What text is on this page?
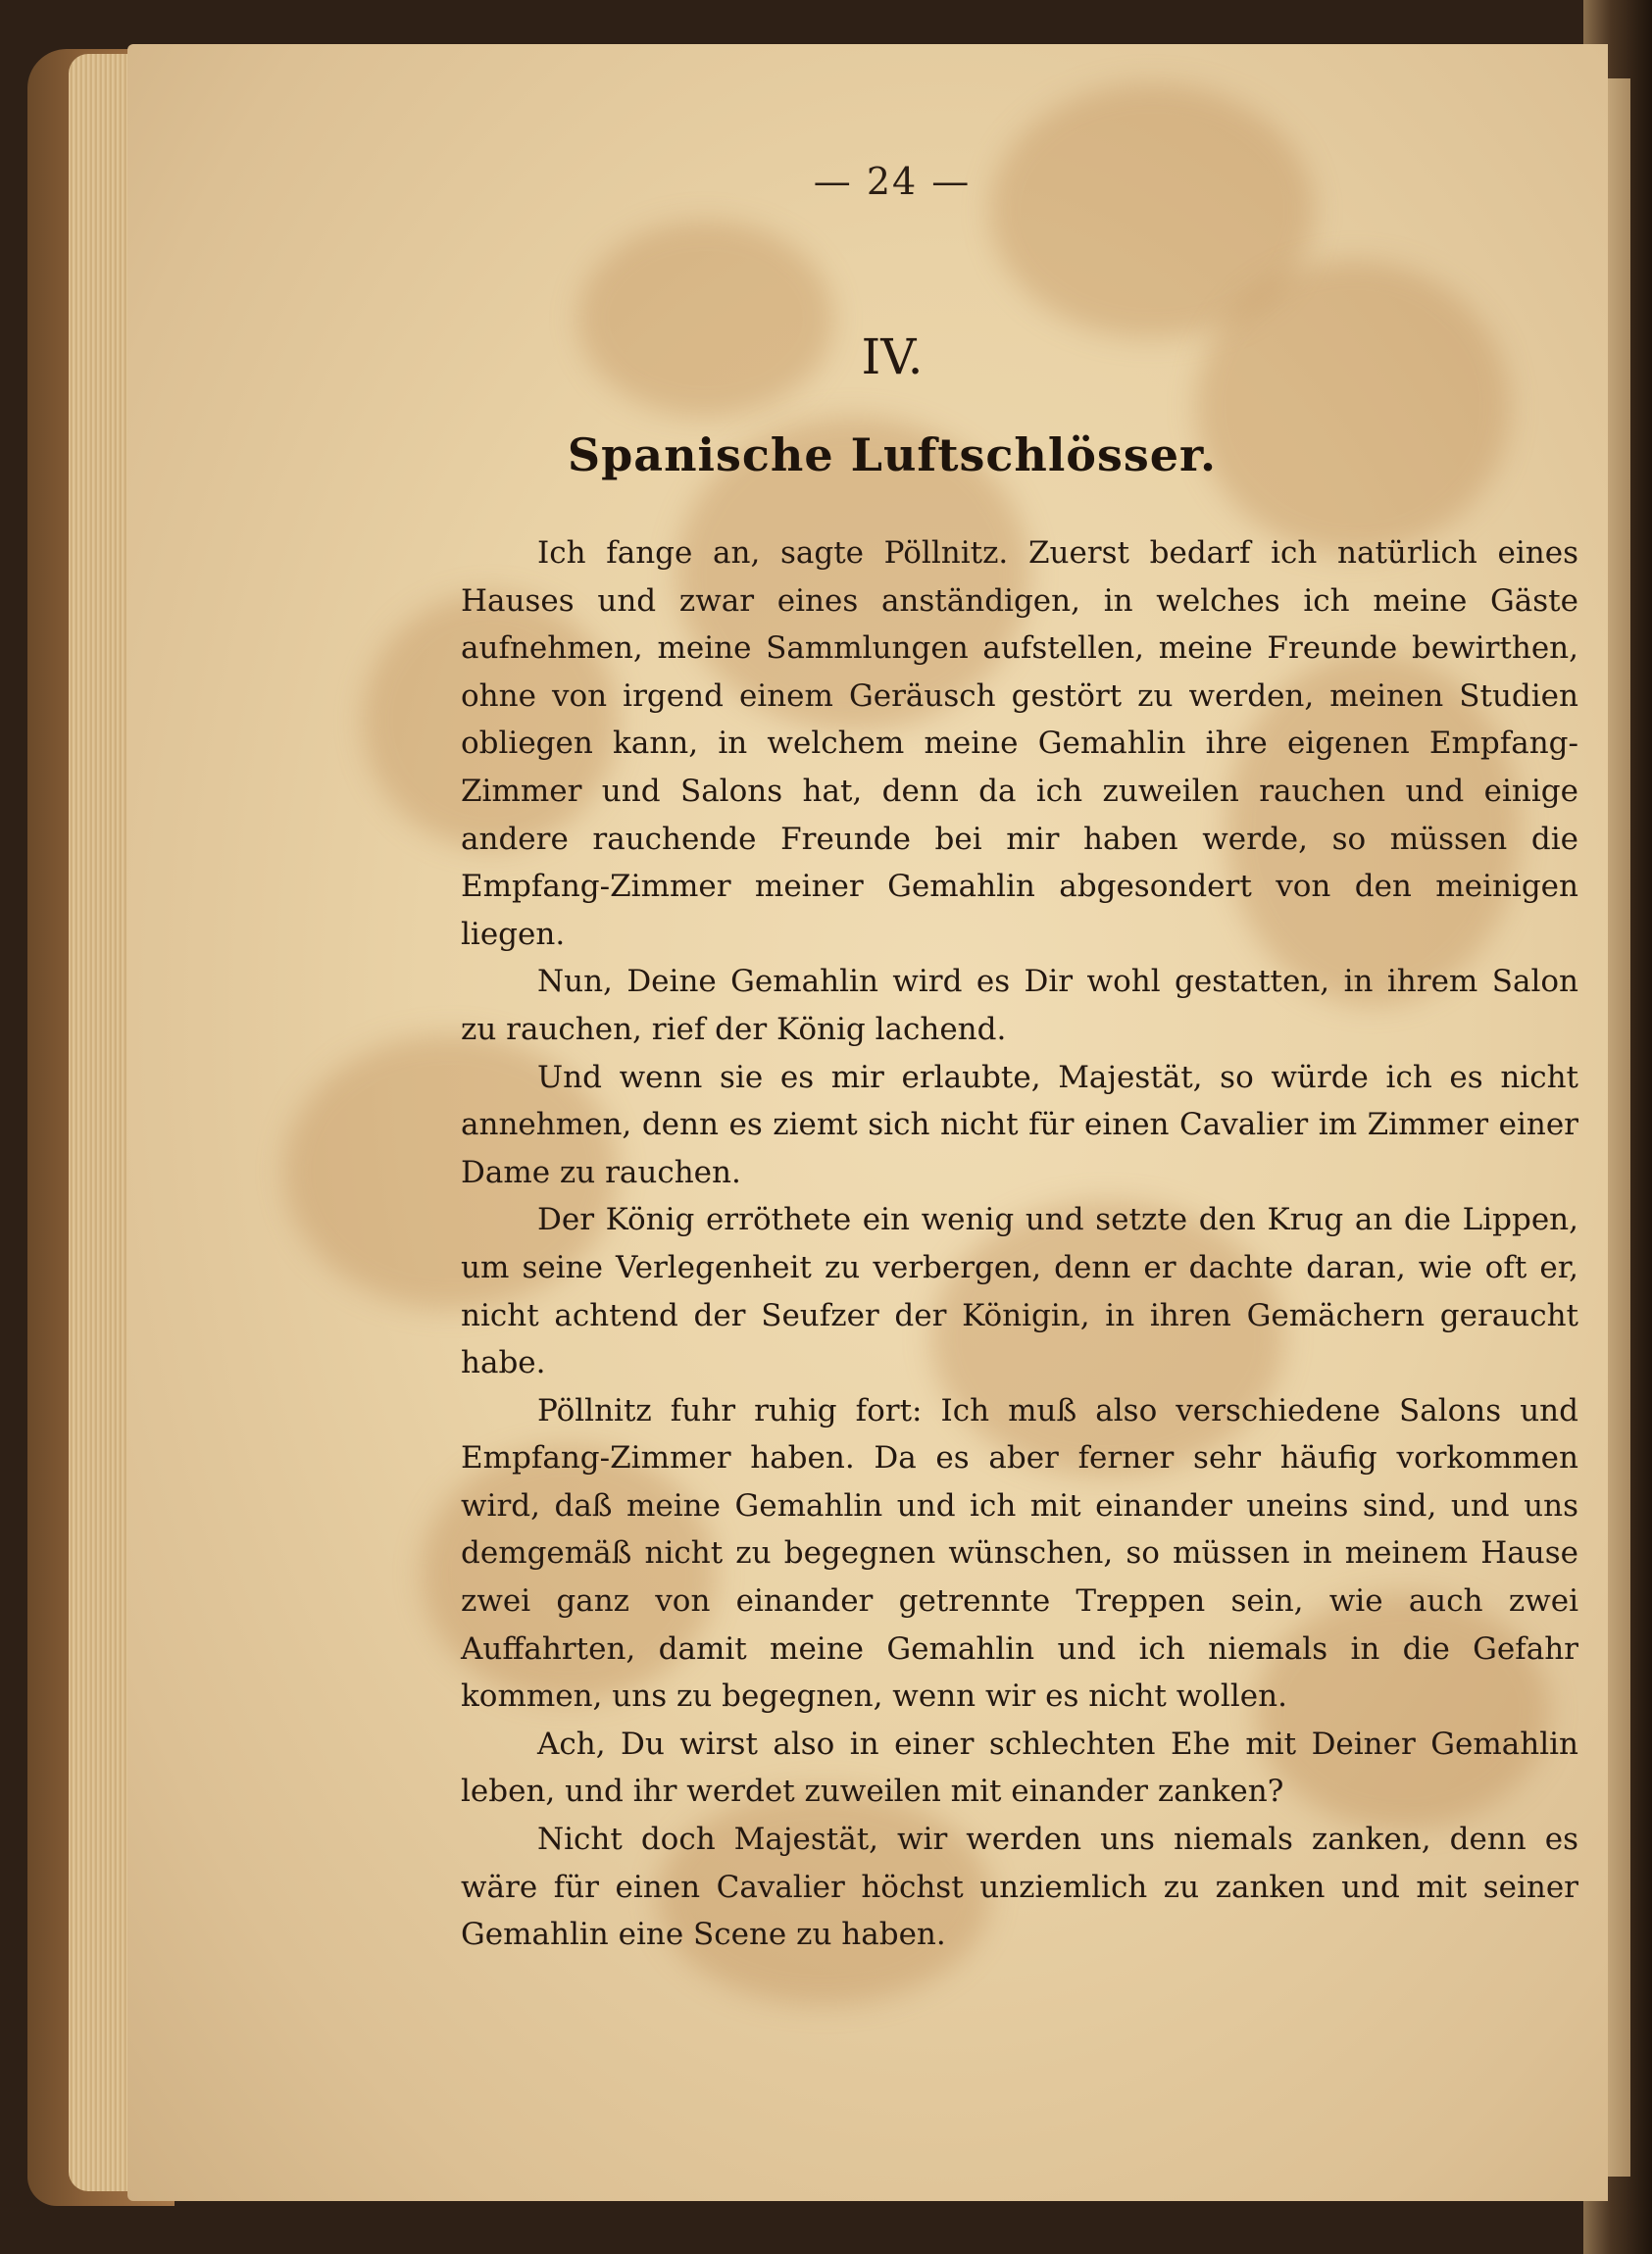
— 24 —
IV.
Spanische Luftschlösser.

Ich fange an, sagte Pöllnitz. Zuerst bedarf ich natürlich eines Hauses und zwar eines anständigen, in welches ich meine Gäste aufnehmen, meine Sammlungen aufstellen, meine Freunde bewirthen, ohne von irgend einem Geräusch gestört zu werden, meinen Studien obliegen kann, in welchem meine Gemahlin ihre eigenen Empfang-Zimmer und Salons hat, denn da ich zuweilen rauchen und einige andere rauchende Freunde bei mir haben werde, so müssen die Empfang-Zimmer meiner Gemahlin abgesondert von den meinigen liegen.

Nun, Deine Gemahlin wird es Dir wohl gestatten, in ihrem Salon zu rauchen, rief der König lachend.

Und wenn sie es mir erlaubte, Majestät, so würde ich es nicht annehmen, denn es ziemt sich nicht für einen Cavalier im Zimmer einer Dame zu rauchen.

Der König erröthete ein wenig und setzte den Krug an die Lippen, um seine Verlegenheit zu verbergen, denn er dachte daran, wie oft er, nicht achtend der Seufzer der Königin, in ihren Gemächern geraucht habe.

Pöllnitz fuhr ruhig fort: Ich muß also verschiedene Salons und Empfang-Zimmer haben. Da es aber ferner sehr häufig vorkommen wird, daß meine Gemahlin und ich mit einander uneins sind, und uns demgemäß nicht zu begegnen wünschen, so müssen in meinem Hause zwei ganz von einander getrennte Treppen sein, wie auch zwei Auffahrten, damit meine Gemahlin und ich niemals in die Gefahr kommen, uns zu begegnen, wenn wir es nicht wollen.

Ach, Du wirst also in einer schlechten Ehe mit Deiner Gemahlin leben, und ihr werdet zuweilen mit einander zanken?

Nicht doch Majestät, wir werden uns niemals zanken, denn es wäre für einen Cavalier höchst unziemlich zu zanken und mit seiner Gemahlin eine Scene zu haben.
